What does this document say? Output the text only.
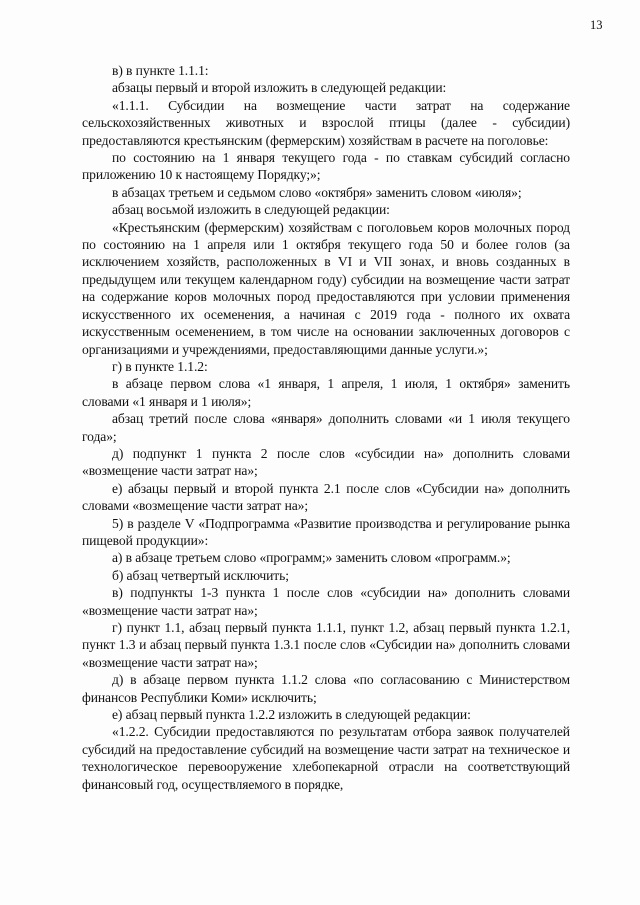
13

в) в пункте 1.1.1:

абзацы первый и второй изложить в следующей редакции:

«1.1.1. Субсидии на возмещение части затрат на содержание сельскохозяйственных животных и взрослой птицы (далее - субсидии) предоставляются крестьянским (фермерским) хозяйствам в расчете на поголовье:

по состоянию на 1 января текущего года - по ставкам субсидий согласно приложению 10 к настоящему Порядку;»;

в абзацах третьем и седьмом слово «октября» заменить словом «июля»;

абзац восьмой изложить в следующей редакции:

«Крестьянским (фермерским) хозяйствам с поголовьем коров молочных пород по состоянию на 1 апреля или 1 октября текущего года 50 и более голов (за исключением хозяйств, расположенных в VI и VII зонах, и вновь созданных в предыдущем или текущем календарном году) субсидии на возмещение части затрат на содержание коров молочных пород предоставляются при условии применения искусственного их осеменения, а начиная с 2019 года - полного их охвата искусственным осеменением, в том числе на основании заключенных договоров с организациями и учреждениями, предоставляющими данные услуги.»;

г) в пункте 1.1.2:

в абзаце первом слова «1 января, 1 апреля, 1 июля, 1 октября» заменить словами «1 января и 1 июля»;

абзац третий после слова «января» дополнить словами «и 1 июля текущего года»;

д) подпункт 1 пункта 2 после слов «субсидии на» дополнить словами «возмещение части затрат на»;

е) абзацы первый и второй пункта 2.1 после слов «Субсидии на» дополнить словами «возмещение части затрат на»;

5) в разделе V «Подпрограмма «Развитие производства и регулирование рынка пищевой продукции»:

а) в абзаце третьем слово «программ;» заменить словом «программ.»;

б) абзац четвертый исключить;

в) подпункты 1-3 пункта 1 после слов «субсидии на» дополнить словами «возмещение части затрат на»;

г) пункт 1.1, абзац первый пункта 1.1.1, пункт 1.2, абзац первый пункта 1.2.1, пункт 1.3 и абзац первый пункта 1.3.1 после слов «Субсидии на» дополнить словами «возмещение части затрат на»;

д) в абзаце первом пункта 1.1.2 слова «по согласованию с Министерством финансов Республики Коми» исключить;

е) абзац первый пункта 1.2.2 изложить в следующей редакции:

«1.2.2. Субсидии предоставляются по результатам отбора заявок получателей субсидий на предоставление субсидий на возмещение части затрат на техническое и технологическое перевооружение хлебопекарной отрасли на соответствующий финансовый год, осуществляемого в порядке,
